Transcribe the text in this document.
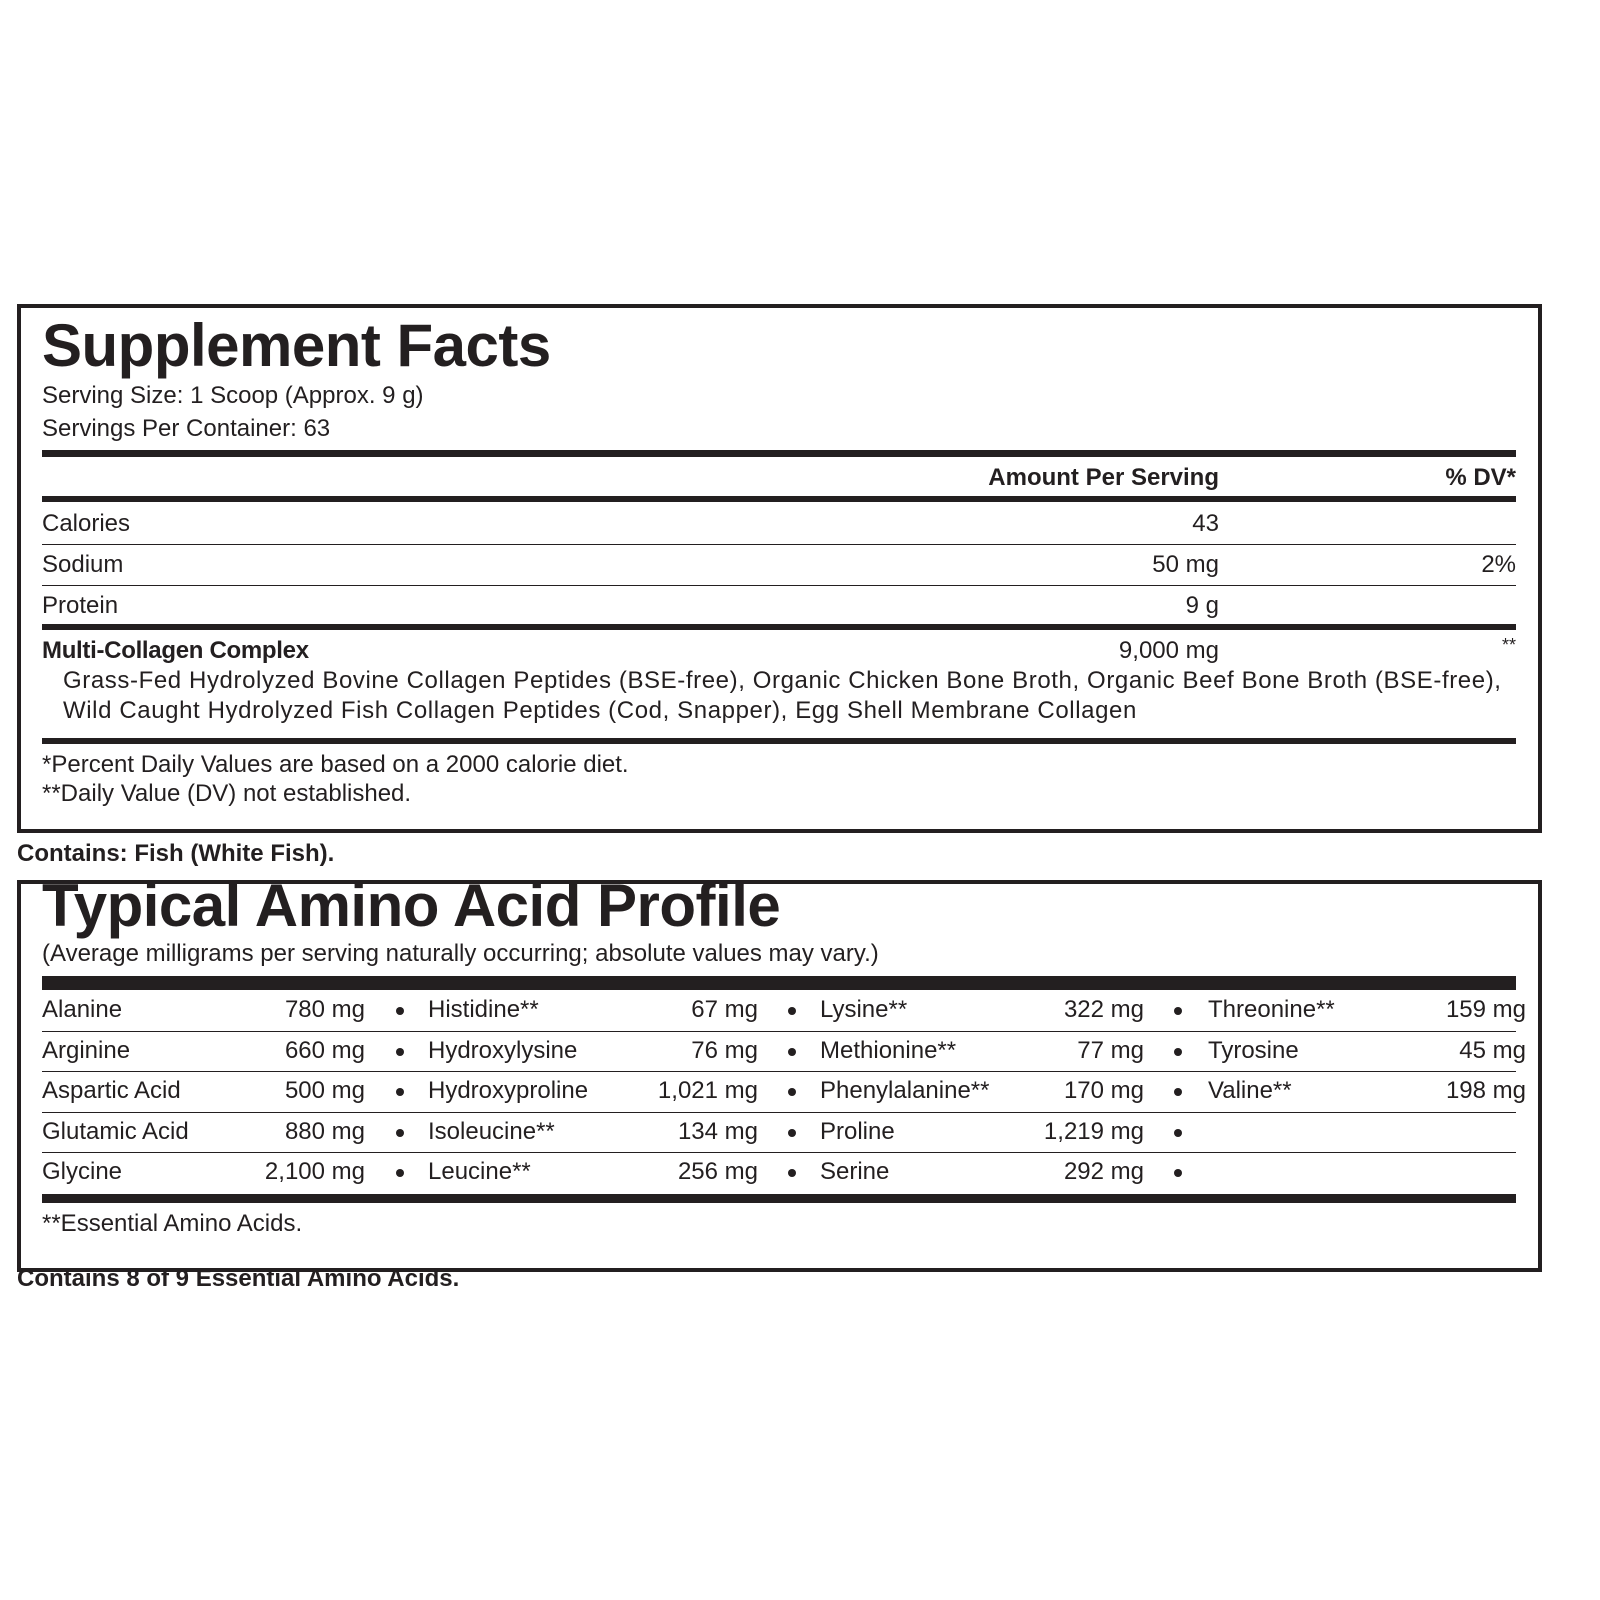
Supplement Facts
Serving Size: 1 Scoop (Approx. 9 g)
Servings Per Container: 63
Amount Per Serving	% DV*
Calories	43
Sodium	50 mg	2%
Protein	9 g
Multi-Collagen Complex	9,000 mg	**
Grass-Fed Hydrolyzed Bovine Collagen Peptides (BSE-free), Organic Chicken Bone Broth, Organic Beef Bone Broth (BSE-free),
Wild Caught Hydrolyzed Fish Collagen Peptides (Cod, Snapper), Egg Shell Membrane Collagen
*Percent Daily Values are based on a 2000 calorie diet.
**Daily Value (DV) not established.
Contains: Fish (White Fish).
Typical Amino Acid Profile
(Average milligrams per serving naturally occurring; absolute values may vary.)
Alanine	780 mg	Histidine**	67 mg	Lysine**	322 mg	Threonine**	159 mg
Arginine	660 mg	Hydroxylysine	76 mg	Methionine**	77 mg	Tyrosine	45 mg
Aspartic Acid	500 mg	Hydroxyproline	1,021 mg	Phenylalanine**	170 mg	Valine**	198 mg
Glutamic Acid	880 mg	Isoleucine**	134 mg	Proline	1,219 mg
Glycine	2,100 mg	Leucine**	256 mg	Serine	292 mg
**Essential Amino Acids.
Contains 8 of 9 Essential Amino Acids.
